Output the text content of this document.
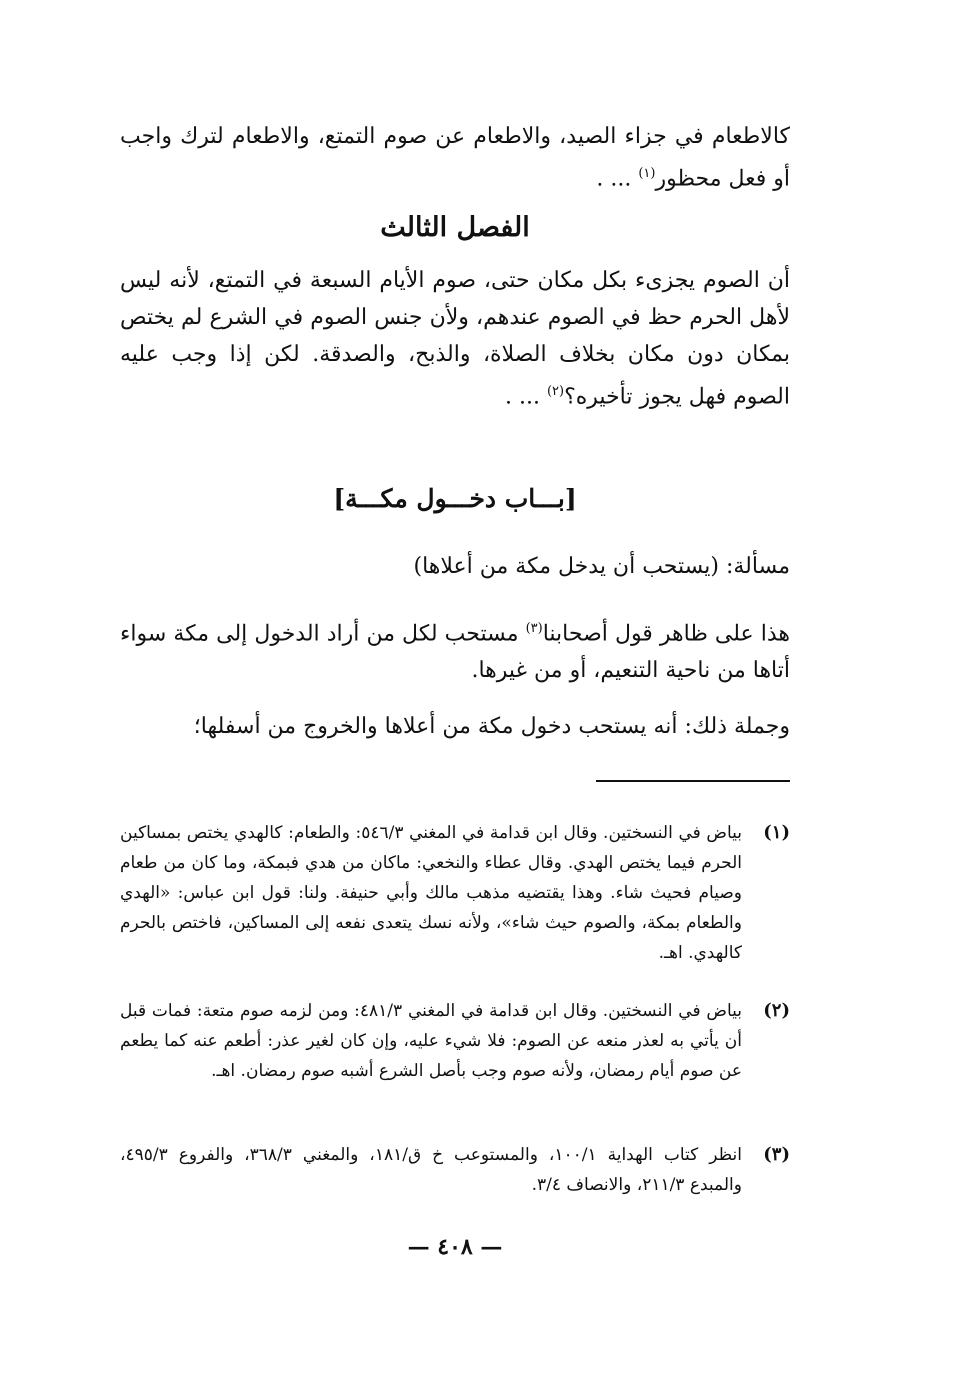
كالاطعام في جزاء الصيد، والاطعام عن صوم التمتع، والاطعام لترك واجب أو فعل محظور$^{(١)}$ ... .

الفصل الثالث

أن الصوم يجزىء بكل مكان حتى، صوم الأيام السبعة في التمتع، لأنه ليس لأهل الحرم حظ في الصوم عندهم، ولأن جنس الصوم في الشرع لم يختص بمكان دون مكان بخلاف الصلاة، والذبح، والصدقة. لكن إذا وجب عليه الصوم فهل يجوز تأخيره؟$^{(٢)}$ ... .

[بـــاب دخـــول مكـــة]

مسألة: (يستحب أن يدخل مكة من أعلاها)

هذا على ظاهر قول أصحابنا$^{(٣)}$ مستحب لكل من أراد الدخول إلى مكة سواء أتاها من ناحية التنعيم، أو من غيرها.

وجملة ذلك: أنه يستحب دخول مكة من أعلاها والخروج من أسفلها؛

(١)
بياض في النسختين. وقال ابن قدامة في المغني ٥٤٦/٣: والطعام: كالهدي يختص بمساكين الحرم فيما يختص الهدي. وقال عطاء والنخعي: ماكان من هدي فبمكة، وما كان من طعام وصيام فحيث شاء. وهذا يقتضيه مذهب مالك وأبي حنيفة. ولنا: قول ابن عباس: «الهدي والطعام بمكة، والصوم حيث شاء»، ولأنه نسك يتعدى نفعه إلى المساكين، فاختص بالحرم كالهدي. اهـ.
(٢)
بياض في النسختين. وقال ابن قدامة في المغني ٤٨١/٣: ومن لزمه صوم متعة: فمات قبل أن يأتي به لعذر منعه عن الصوم: فلا شيء عليه، وإن كان لغير عذر: أطعم عنه كما يطعم عن صوم أيام رمضان، ولأنه صوم وجب بأصل الشرع أشبه صوم رمضان. اهـ.
(٣)
انظر كتاب الهداية ١٠٠/١، والمستوعب خ ق/١٨١، والمغني ٣٦٨/٣، والفروع ٤٩٥/٣، والمبدع ٢١١/٣، والانصاف ٣/٤.
— ٤٠٨ —
